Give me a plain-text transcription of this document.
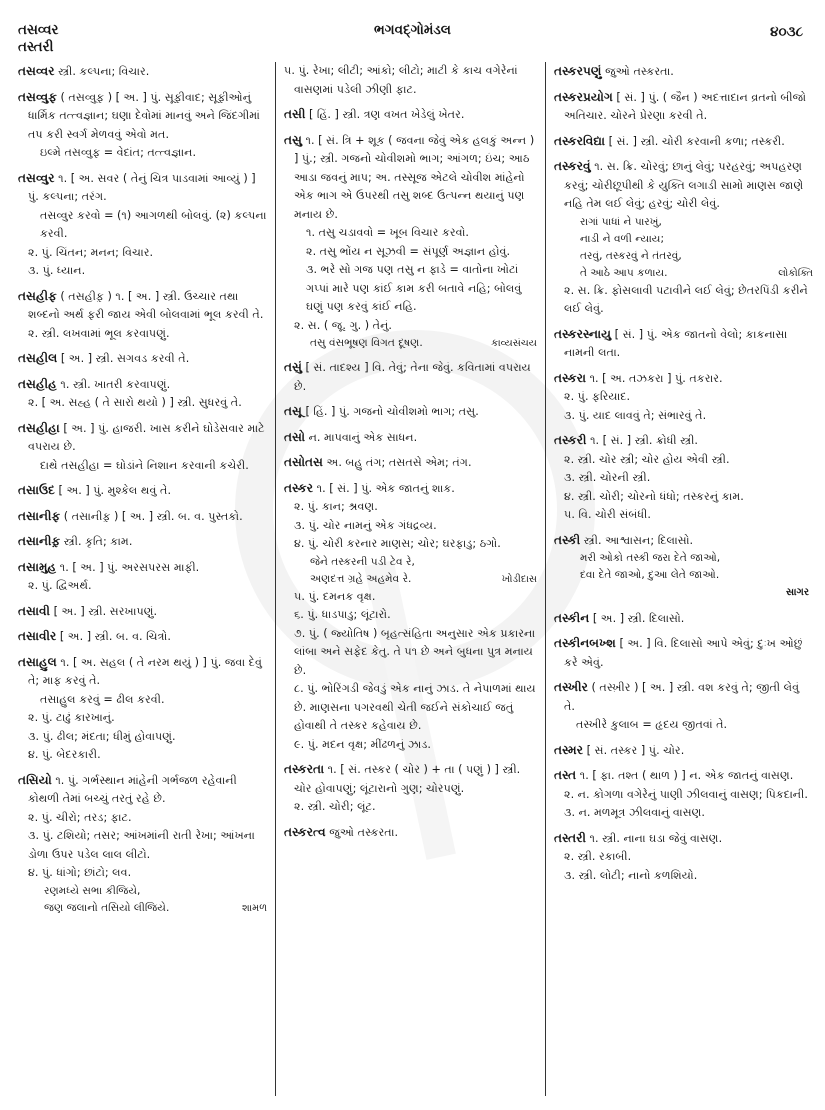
તસવ્વર
તસ્તરી
ભગવદ્ગોમંડલ	૪૦૩૮
તસવ્વર સ્ત્રી. કલ્પના; વિચાર.
તસવ્વુફ ( તસવ્વુફ઼ ) [ અ. ] પું. સૂફીવાદ; સૂફીઓનું ધાર્મિક તત્ત્વજ્ઞાન; ઘણા દેવોમાં માનવું અને જિંદગીમાં તપ કરી સ્વર્ગ મેળવવું એવો મત.
ઇલ્મે તસવ્વુફ = વેદાંત; તત્ત્વજ્ઞાન.
તસવ્વુર ૧. [ અ. સવર ( તેનું ચિત્ર પાડવામાં આવ્યું ) ] પું. કલ્પના; તરંગ.
તસવ્વુર કરવો = (૧) આગળથી બોલવું. (૨) કલ્પના કરવી.
૨. પું. ચિંતન; મનન; વિચાર.
૩. પું. ધ્યાન.
તસહીફ ( તસહીફ઼ ) ૧. [ અ. ] સ્ત્રી. ઉચ્ચાર તથા શબ્દનો અર્થ ફરી જાય એવી બોલવામાં ભૂલ કરવી તે.
૨. સ્ત્રી. લખવામાં ભૂલ કરવાપણું.
તસહીલ [ અ. ] સ્ત્રી. સગવડ કરવી તે.
તસહીહ ૧. સ્ત્રી. ખાતરી કરવાપણું.
૨. [ અ. સહ્હ ( તે સારો થયો ) ] સ્ત્રી. સુધરવું તે.
તસહીહા [ અ. ] પું. હાજરી. ખાસ કરીને ઘોડેસવાર માટે વપરાય છે.
દાથે તસહીહા = ઘોડાંને નિશાન કરવાની કચેરી.
તસાઉદ [ અ. ] પું. મુશ્કેલ થવું તે.
તસાનીફ ( તસાનીફ઼ ) [ અ. ] સ્ત્રી. બ. વ. પુસ્તકો.
તસાનીફ઼ સ્ત્રી. કૃતિ; કામ.
તસામુહ ૧. [ અ. ] પું. અરસપરસ માફી.
૨. પું. દ્વિઅર્થ.
તસાવી [ અ. ] સ્ત્રી. સરખાપણું.
તસાવીર [ અ. ] સ્ત્રી. બ. વ. ચિત્રો.
તસાહુલ ૧. [ અ. સહલ ( તે નરમ થયું ) ] પું. જવા દેવું તે; માફ કરવું તે.
તસાહુલ કરવું = ઢીલ કરવી.
૨. પું. ટાઢું કારખાનું.
૩. પું. ઢીલ; મંદતા; ધીમું હોવાપણું.
૪. પું. બેદરકારી.
તસિયો ૧. પું. ગર્ભસ્થાન માંહેની ગર્ભજળ રહેવાની કોથળી તેમાં બચ્ચું તરતું રહે છે.
૨. પું. ચીરો; તરડ; ફાટ.
૩. પું. ટશિયો; તસર; આંખમાંની રાતી રેખા; આંખના ડોળા ઉપર પડેલ લાલ લીટો.
૪. પું. ધાંગો; છાંટો; લવ.
રણમધ્યે સભા કીજિયે,
જણ જલાનો તસિયો લીજિયે.	શામળ
૫. પું. રેખા; લીટી; આંકો; લીટો; માટી કે કાચ વગેરેનાં વાસણમાં પડેલી ઝીણી ફાટ.
તસી [ હિં. ] સ્ત્રી. ત્રણ વખત ખેડેલું ખેતર.
તસુ ૧. [ સં. ત્રિ + શૂક ( જવના જેવું એક હલકું અન્ન ) ] પું.; સ્ત્રી. ગજનો ચોવીશમો ભાગ; આંગળ; ઇંચ; આઠ આડા જવનું માપ; અ. તસ્સૂજ એટલે ચોવીશ માંહેનો એક ભાગ એ ઉપરથી તસુ શબ્દ ઉત્પન્ન થયાનું પણ મનાય છે.
૧. તસુ ચડાવવો = ખૂબ વિચાર કરવો.
૨. તસુ ભોંય ન સૂઝવી = સંપૂર્ણ અજ્ઞાન હોવું.
૩. ભરે સો ગજ પણ તસુ ન ફાડે = વાતોના ખોટાં ગપ્પાં મારે પણ કાંઈ કામ કરી બતાવે નહિ; બોલવું ઘણું પણ કરવું કાંઈ નહિ.
૨. સ. ( જૂ. ગુ. ) તેનું.
તસુ વંસભૂષણ વિગત દૂષણ.	કાવ્યસંચય
તસું [ સં. તાદશ્ય ] વિ. તેવું; તેના જેવું. કવિતામાં વપરાય છે.
તસૂ [ હિં. ] પું. ગજનો ચોવીશમો ભાગ; તસુ.
તસો ન. માપવાનું એક સાધન.
તસોતસ અ. બહુ તંગ; તસતસે એમ; તંગ.
તસ્કર ૧. [ સં. ] પું. એક જાતનું શાક.
૨. પું. કાન; શ્રવણ.
૩. પું. ચોર નામનું એક ગંધદ્રવ્ય.
૪. પું. ચોરી કરનાર માણસ; ચોર; ઘરફાડુ; ઠગો.
જેને તસ્કરની પડી ટેવ રે,
અણદત્ત ગ્રહે અહમેવ રે.	ખોડીદાસ
૫. પું. દમનક વૃક્ષ.
૬. પું. ધાડપાડુ; લૂંટારો.
૭. પું. ( જ્યોતિષ ) બૃહત્સંહિતા અનુસાર એક પ્રકારના લાંબા અને સફેદ કેતુ. તે ૫૧ છે અને બુધના પુત્ર મનાય છે.
૮. પું. ભોરિંગડી જેવડું એક નાનું ઝાડ. તે નેપાળમાં થાય છે. માણસના પગરવથી ચેતી જઈને સંકોચાઈ જતું હોવાથી તે તસ્કર કહેવાય છે.
૯. પું. મદન વૃક્ષ; મીંઢળનું ઝાડ.
તસ્કરતા ૧. [ સં. તસ્કર ( ચોર ) + તા ( પણું ) ] સ્ત્રી. ચોર હોવાપણું; લૂંટારાનો ગુણ; ચોરપણું.
૨. સ્ત્રી. ચોરી; લૂંટ.
તસ્કરત્વ જુઓ તસ્કરતા.
તસ્કરપણું જુઓ તસ્કરતા.
તસ્કરપ્રયોગ [ સં. ] પું. ( જૈન ) અદત્તાદાન વ્રતનો બીજો અતિચાર. ચોરને પ્રેરણા કરવી તે.
તસ્કરવિદ્યા [ સં. ] સ્ત્રી. ચોરી કરવાની કળા; તસ્કરી.
તસ્કરવું ૧. સ. ક્રિ. ચોરવું; છાનું લેવું; પરહરવું; અપહરણ કરવું; ચોરીછૂપીથી કે યુક્તિ લગાડી સામો માણસ જાણે નહિ તેમ લઈ લેવું; હરવું; ચોરી લેવું.
રાગાં પાધાં ને પારખું,
નાડી ને વળી ન્યાય;
તરવું, તસ્કરવું ને તંતરવું,
તે આઠે આપ કળાય.	લોકોક્તિ
૨. સ. ક્રિ. ફોસલાવી પટાવીને લઈ લેવું; છેતરપિંડી કરીને લઈ લેવું.
તસ્કરસ્નાયુ [ સં. ] પું. એક જાતનો વેલો; કાકનાસા નામની લતા.
તસ્કરા ૧. [ અ. તઝકરા ] પું. તકરાર.
૨. પું. ફરિયાદ.
૩. પું. યાદ લાવવું તે; સંભારવું તે.
તસ્કરી ૧. [ સં. ] સ્ત્રી. ક્રોધી સ્ત્રી.
૨. સ્ત્રી. ચોર સ્ત્રી; ચોર હોય એવી સ્ત્રી.
૩. સ્ત્રી. ચોરની સ્ત્રી.
૪. સ્ત્રી. ચોરી; ચોરનો ધંધો; તસ્કરનું કામ.
૫. વિ. ચોરી સંબંધી.
તસ્કી સ્ત્રી. આશ્વાસન; દિલાસો.
મરી ઓકો તસ્કી જરા દેતે જાઓ,
દવા દેતે જાઓ, દુઆ લેતે જાઓ.
સાગર
તસ્કીન [ અ. ] સ્ત્રી. દિલાસો.
તસ્કીનબખ્શ [ અ. ] વિ. દિલાસો આપે એવું; દુઃખ ઓછું કરે એવું.
તસ્ખીર ( તસ્ખ઼ીર ) [ અ. ] સ્ત્રી. વશ કરવું તે; જીતી લેવું તે.
તસ્ખીરે કુલાબ = હૃદય જીતવાં તે.
તસ્મર [ સં. તસ્કર ] પું. ચોર.
તસ્ત ૧. [ ફા. તશ્ત ( થાળ ) ] ન. એક જાતનું વાસણ.
૨. ન. કોગળા વગેરેનું પાણી ઝીલવાનું વાસણ; પિકદાની.
૩. ન. મળમૂત્ર ઝીલવાનું વાસણ.
તસ્તરી ૧. સ્ત્રી. નાના ઘડા જેવું વાસણ.
૨. સ્ત્રી. રકાબી.
૩. સ્ત્રી. લોટી; નાનો કળશિયો.
